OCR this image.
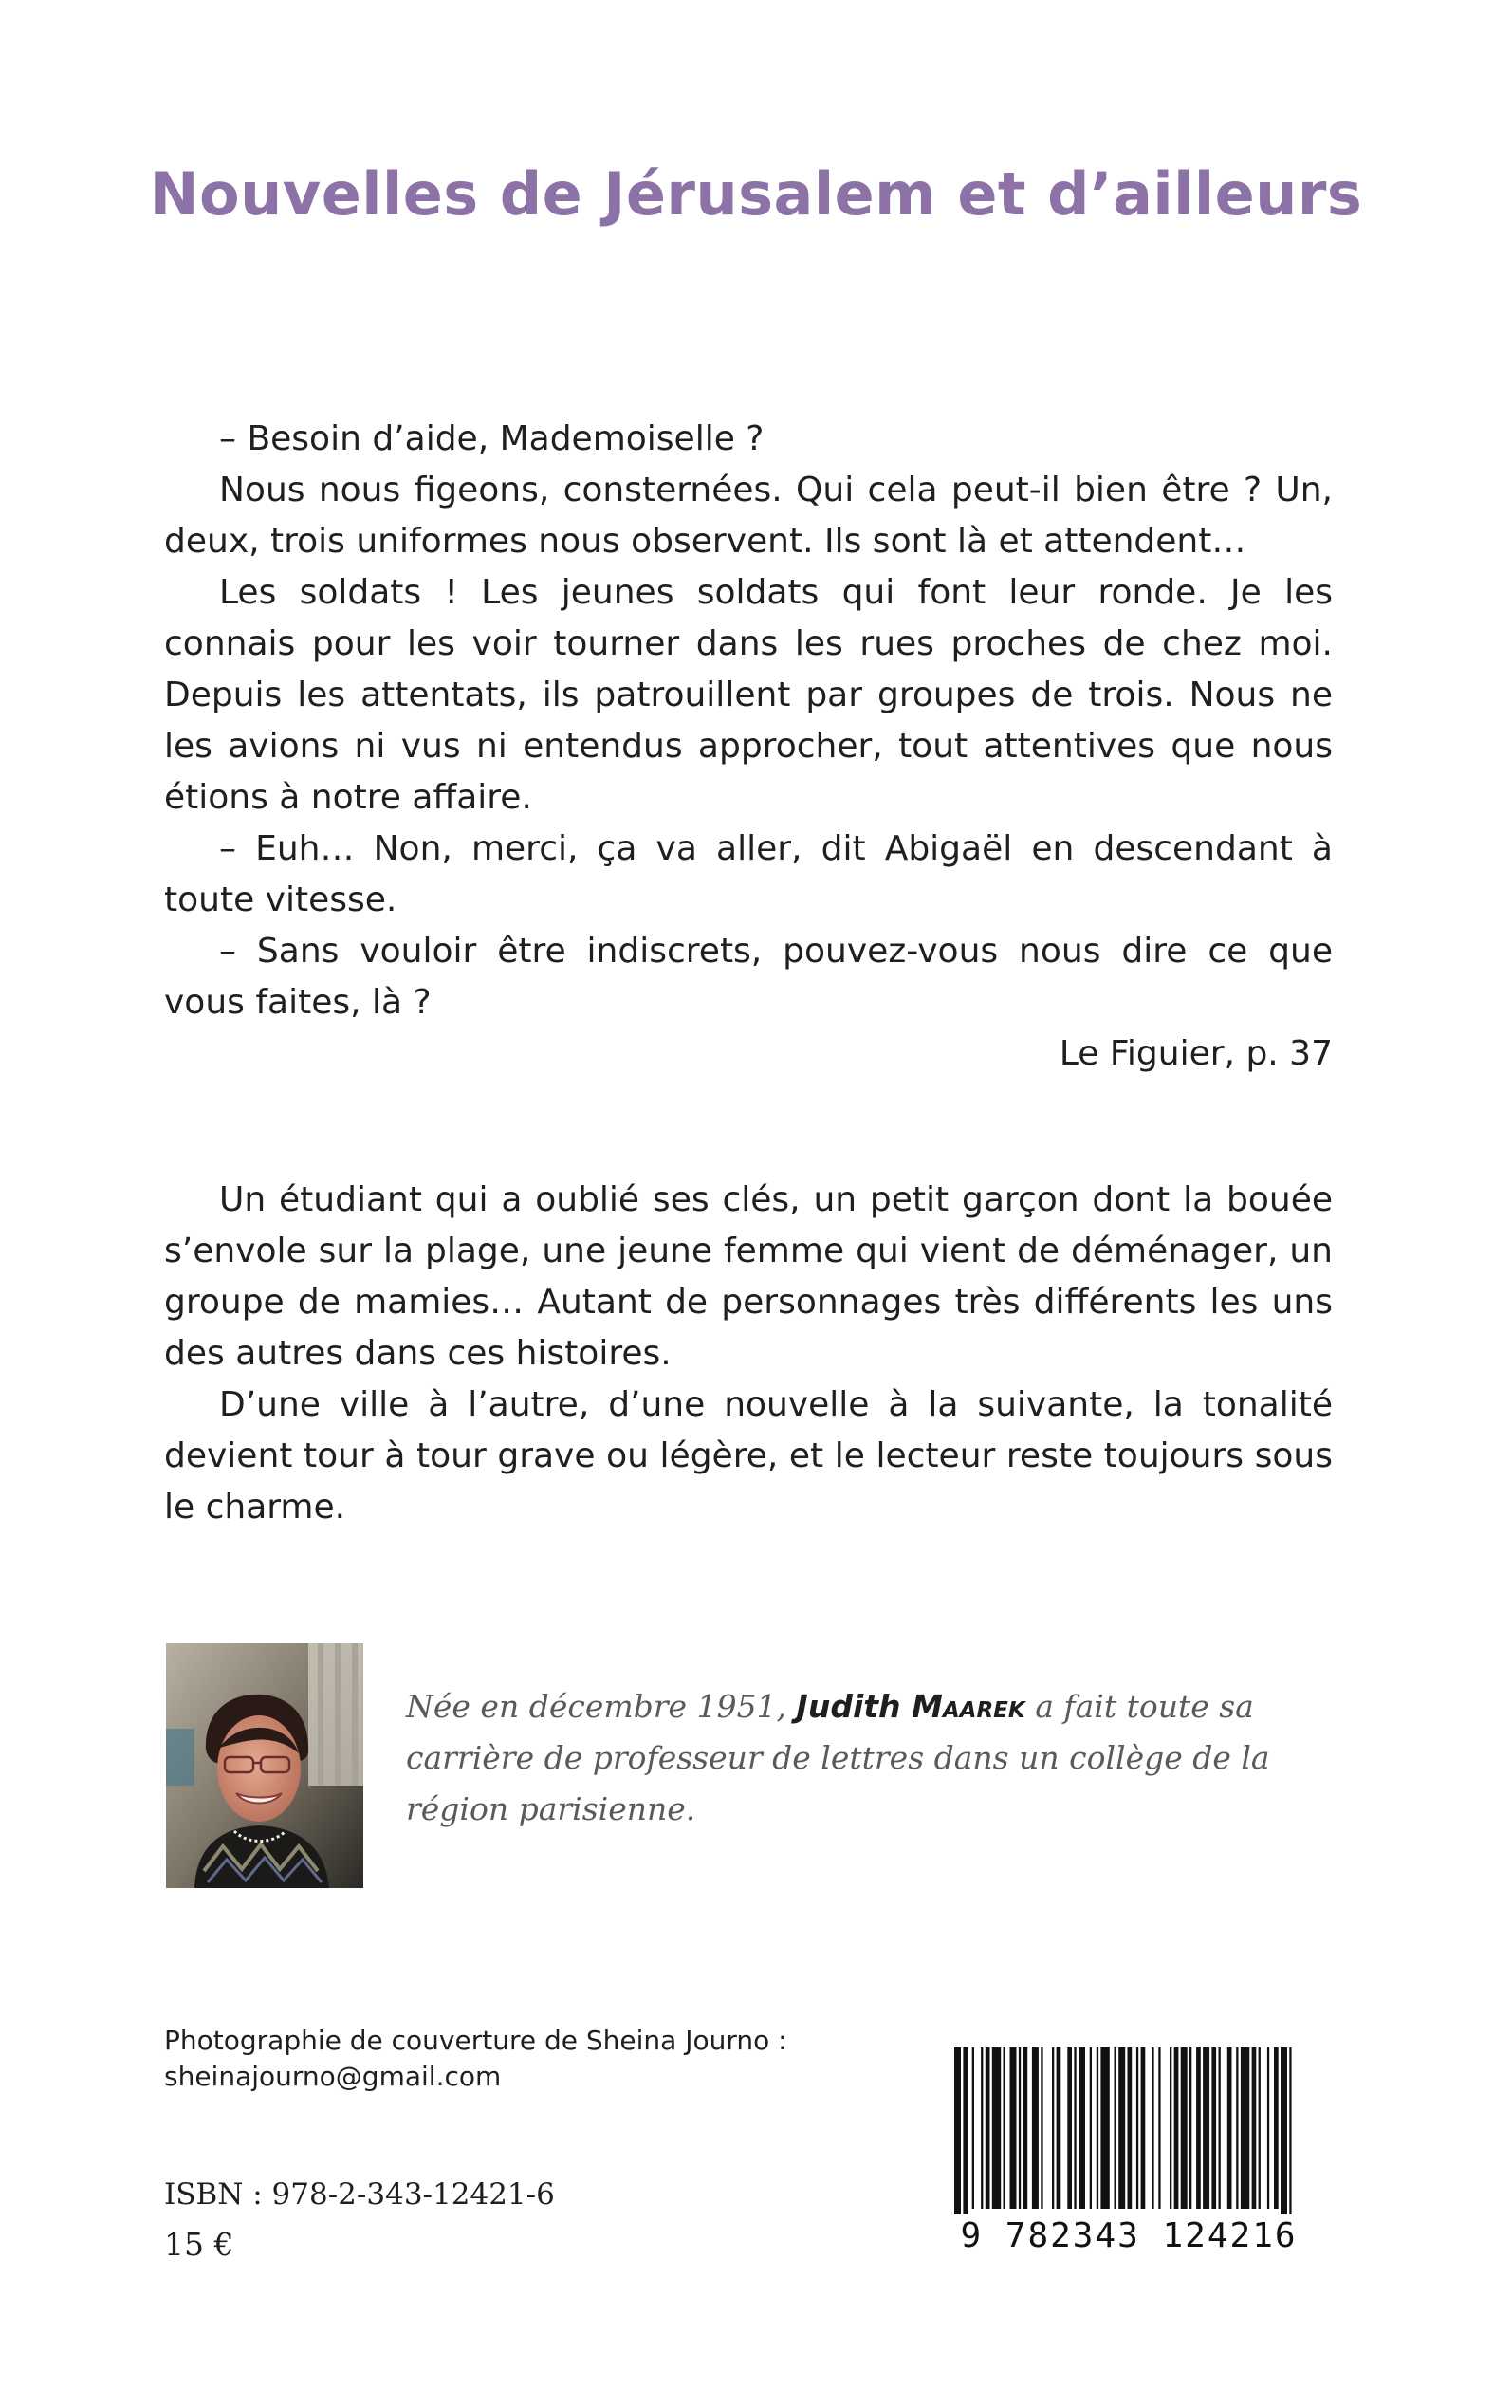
Nouvelles de Jérusalem et d’ailleurs

– Besoin d’aide, Mademoiselle ?

Nous nous figeons, consternées. Qui cela peut-il bien être ? Un, deux, trois uniformes nous observent. Ils sont là et attendent…

Les soldats ! Les jeunes soldats qui font leur ronde. Je les connais pour les voir tourner dans les rues proches de chez moi. Depuis les attentats, ils patrouillent par groupes de trois. Nous ne les avions ni vus ni entendus approcher, tout attentives que nous étions à notre affaire.

– Euh… Non, merci, ça va aller, dit Abigaël en descendant à toute vitesse.

– Sans vouloir être indiscrets, pouvez-vous nous dire ce que vous faites, là ?

Le Figuier, p. 37

Un étudiant qui a oublié ses clés, un petit garçon dont la bouée s’envole sur la plage, une jeune femme qui vient de déménager, un groupe de mamies… Autant de personnages très différents les uns des autres dans ces histoires.

D’une ville à l’autre, d’une nouvelle à la suivante, la tonalité devient tour à tour grave ou légère, et le lecteur reste toujours sous le charme.

Née en décembre 1951, Judith Maarek a fait toute sa carrière de professeur de lettres dans un collège de la région parisienne.

Photographie de couverture de Sheina Journo :
sheinajourno@gmail.com
ISBN : 978-2-343-12421-6
15 €	9 782343 124216
